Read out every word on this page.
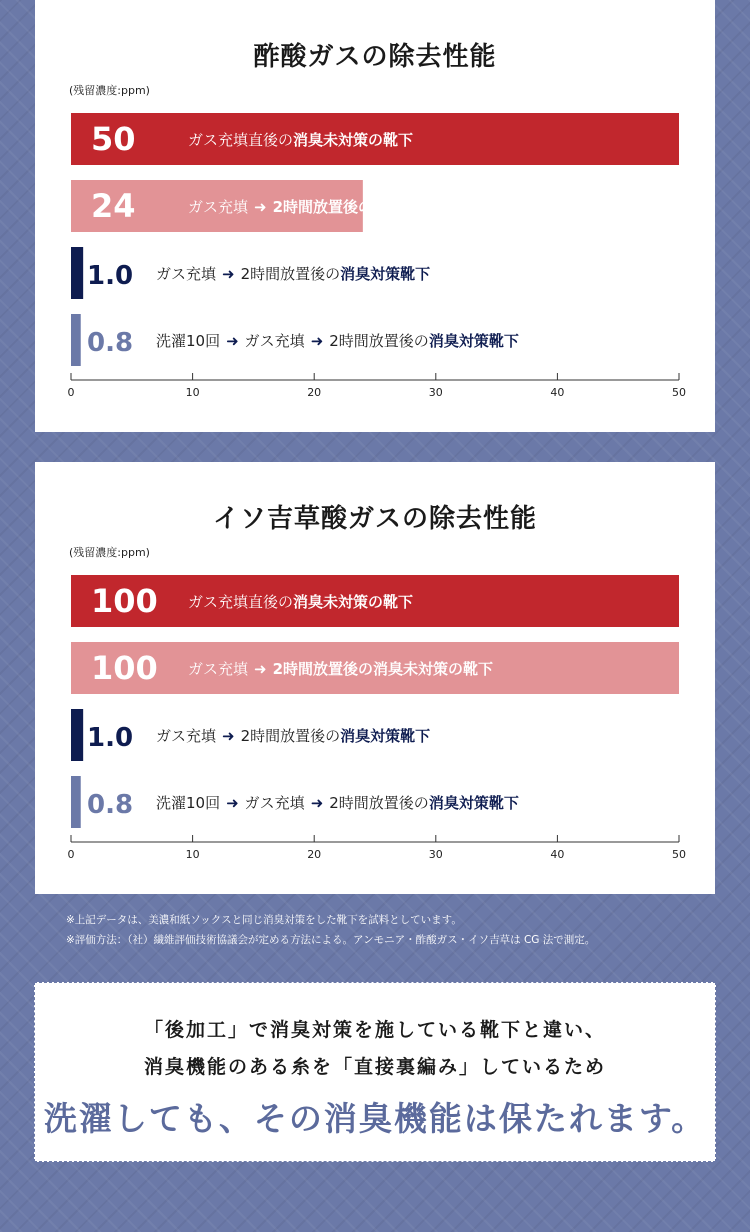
酢酸ガスの除去性能
(残留濃度:ppm)
50	ガス充填直後の消臭未対策の靴下
24	ガス充填 ➜ 2時間放置後の消臭未対策の靴下
1.0 ガス充填 ➜ 2時間放置後の消臭対策靴下
0.8 洗濯10回 ➜ ガス充填 ➜ 2時間放置後の消臭対策靴下
0	10	20	30	40	50
イソ吉草酸ガスの除去性能
(残留濃度:ppm)
100 ガス充填直後の消臭未対策の靴下
100 ガス充填 ➜ 2時間放置後の消臭未対策の靴下
1.0 ガス充填 ➜ 2時間放置後の消臭対策靴下
0.8 洗濯10回 ➜ ガス充填 ➜ 2時間放置後の消臭対策靴下
0	10	20	30	40	50
※上記データは、美濃和紙ソックスと同じ消臭対策をした靴下を試料としています。
※評価方法：（社）繊維評価技術協議会が定める方法による。アンモニア・酢酸ガス・イソ吉草は CG 法で測定。
「後加工」で消臭対策を施している靴下と違い、
消臭機能のある糸を「直接裏編み」しているため
洗濯しても、その消臭機能は保たれます。
